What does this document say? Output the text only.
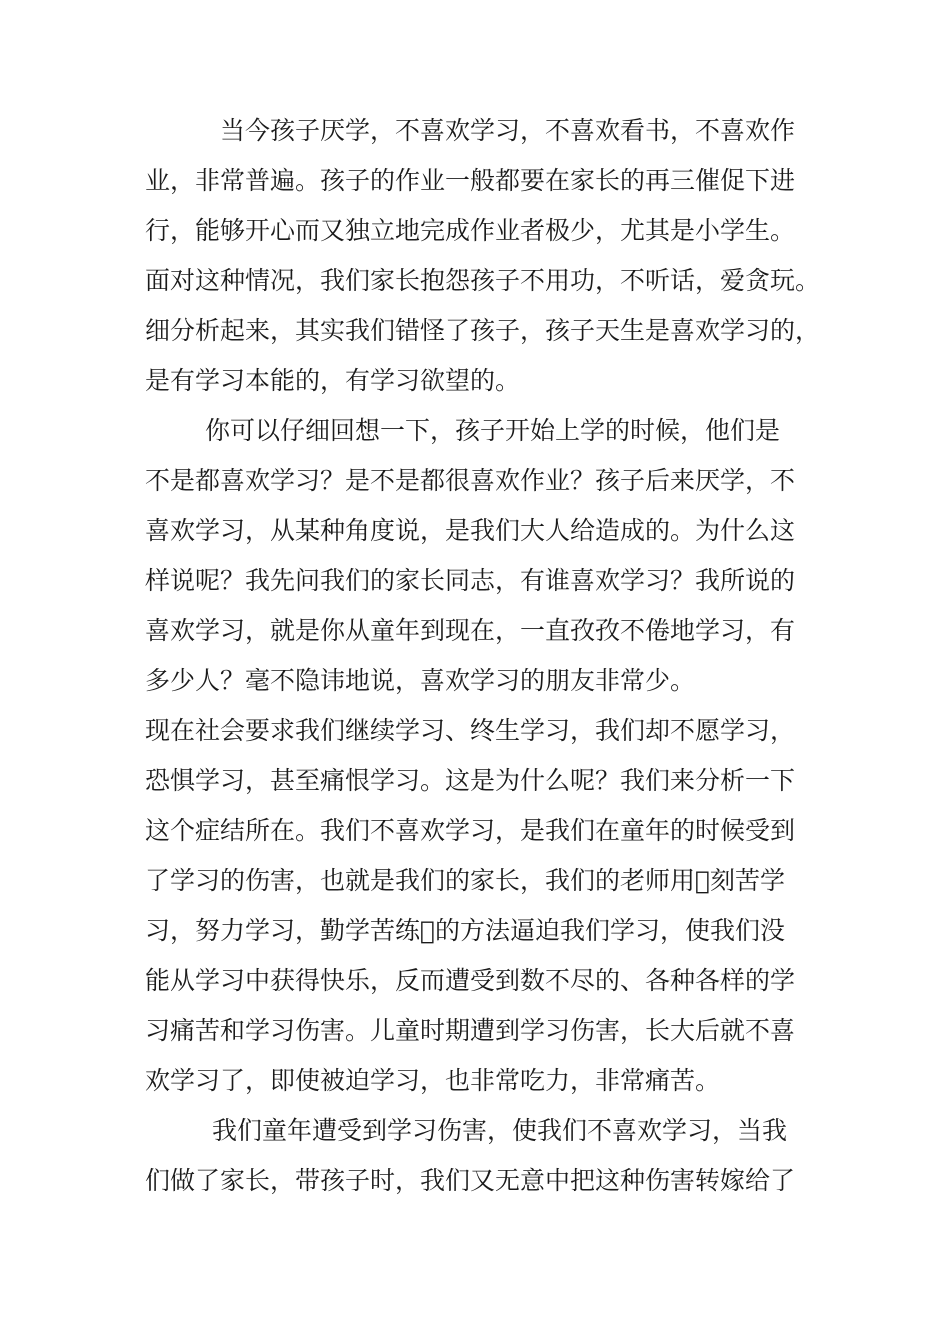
当今孩子厌学，不喜欢学习，不喜欢看书，不喜欢作

业，非常普遍。孩子的作业一般都要在家长的再三催促下进

行，能够开心而又独立地完成作业者极少，尤其是小学生。

面对这种情况，我们家长抱怨孩子不用功，不听话，爱贪玩。

细分析起来，其实我们错怪了孩子，孩子天生是喜欢学习的，

是有学习本能的，有学习欲望的。

你可以仔细回想一下，孩子开始上学的时候，他们是

不是都喜欢学习？是不是都很喜欢作业？孩子后来厌学，不

喜欢学习，从某种角度说，是我们大人给造成的。为什么这

样说呢？我先问我们的家长同志，有谁喜欢学习？我所说的

喜欢学习，就是你从童年到现在，一直孜孜不倦地学习，有

多少人？毫不隐讳地说，喜欢学习的朋友非常少。

现在社会要求我们继续学习、终生学习，我们却不愿学习，

恐惧学习，甚至痛恨学习。这是为什么呢？我们来分析一下

这个症结所在。我们不喜欢学习，是我们在童年的时候受到

了学习的伤害，也就是我们的家长，我们的老师用 刻苦学

习，努力学习，勤学苦练 的方法逼迫我们学习，使我们没

能从学习中获得快乐，反而遭受到数不尽的、各种各样的学

习痛苦和学习伤害。儿童时期遭到学习伤害，长大后就不喜

欢学习了，即使被迫学习，也非常吃力，非常痛苦。

我们童年遭受到学习伤害，使我们不喜欢学习，当我

们做了家长，带孩子时，我们又无意中把这种伤害转嫁给了
